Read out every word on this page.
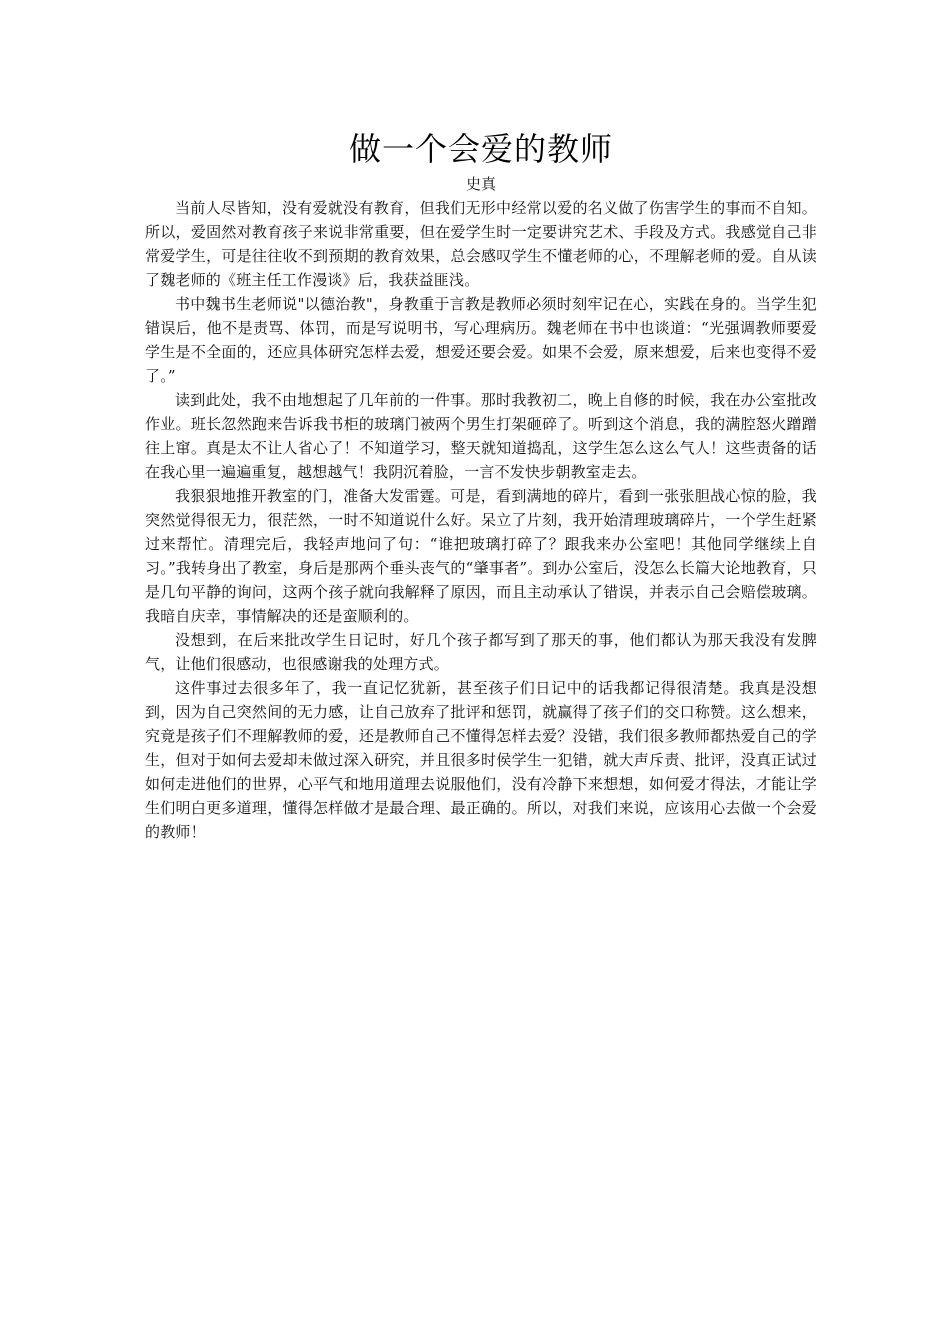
做一个会爱的教师

史真

当前人尽皆知，没有爱就没有教育，但我们无形中经常以爱的名义做了伤害学生的事而不自知。所以，爱固然对教育孩子来说非常重要，但在爱学生时一定要讲究艺术、手段及方式。我感觉自己非常爱学生，可是往往收不到预期的教育效果，总会感叹学生不懂老师的心，不理解老师的爱。自从读了魏老师的《班主任工作漫谈》后，我获益匪浅。

书中魏书生老师说"以德治教"，身教重于言教是教师必须时刻牢记在心，实践在身的。当学生犯错误后，他不是责骂、体罚，而是写说明书，写心理病历。魏老师在书中也谈道：“光强调教师要爱学生是不全面的，还应具体研究怎样去爱，想爱还要会爱。如果不会爱，原来想爱，后来也变得不爱了。”

读到此处，我不由地想起了几年前的一件事。那时我教初二，晚上自修的时候，我在办公室批改作业。班长忽然跑来告诉我书柜的玻璃门被两个男生打架砸碎了。听到这个消息，我的满腔怒火蹭蹭往上窜。真是太不让人省心了！不知道学习，整天就知道捣乱，这学生怎么这么气人！这些责备的话在我心里一遍遍重复，越想越气！我阴沉着脸，一言不发快步朝教室走去。

我狠狠地推开教室的门，准备大发雷霆。可是，看到满地的碎片，看到一张张胆战心惊的脸，我突然觉得很无力，很茫然，一时不知道说什么好。呆立了片刻，我开始清理玻璃碎片，一个学生赶紧过来帮忙。清理完后，我轻声地问了句：“谁把玻璃打碎了？跟我来办公室吧！其他同学继续上自习。”我转身出了教室，身后是那两个垂头丧气的“肇事者”。到办公室后，没怎么长篇大论地教育，只是几句平静的询问，这两个孩子就向我解释了原因，而且主动承认了错误，并表示自己会赔偿玻璃。我暗自庆幸，事情解决的还是蛮顺利的。

没想到，在后来批改学生日记时，好几个孩子都写到了那天的事，他们都认为那天我没有发脾气，让他们很感动，也很感谢我的处理方式。

这件事过去很多年了，我一直记忆犹新，甚至孩子们日记中的话我都记得很清楚。我真是没想到，因为自己突然间的无力感，让自己放弃了批评和惩罚，就赢得了孩子们的交口称赞。这么想来，究竟是孩子们不理解教师的爱，还是教师自己不懂得怎样去爱？没错，我们很多教师都热爱自己的学生，但对于如何去爱却未做过深入研究，并且很多时侯学生一犯错，就大声斥责、批评，没真正试过如何走进他们的世界，心平气和地用道理去说服他们，没有冷静下来想想，如何爱才得法，才能让学生们明白更多道理，懂得怎样做才是最合理、最正确的。所以，对我们来说，应该用心去做一个会爱的教师！
